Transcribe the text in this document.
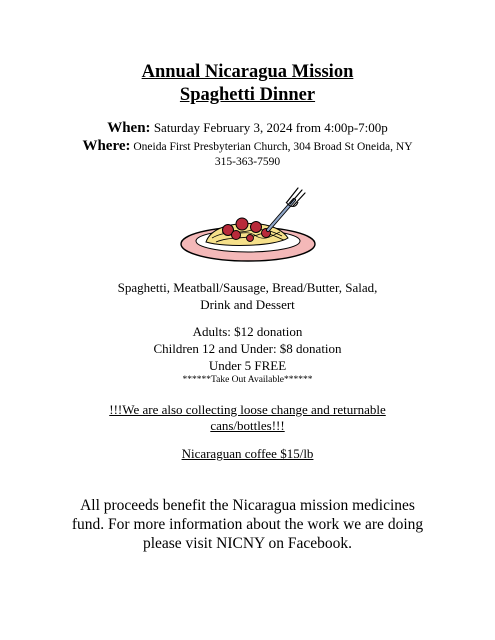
Annual Nicaragua Mission
Spaghetti Dinner
When: Saturday February 3, 2024 from 4:00p-7:00p
Where: Oneida First Presbyterian Church, 304 Broad St Oneida, NY
315-363-7590
Spaghetti, Meatball/Sausage, Bread/Butter, Salad,
Drink and Dessert
Adults: $12 donation
Children 12 and Under: $8 donation
Under 5 FREE
******Take Out Available******
!!!We are also collecting loose change and returnable
cans/bottles!!!
Nicaraguan coffee $15/lb
All proceeds benefit the Nicaragua mission medicines
fund. For more information about the work we are doing
please visit NICNY on Facebook.
